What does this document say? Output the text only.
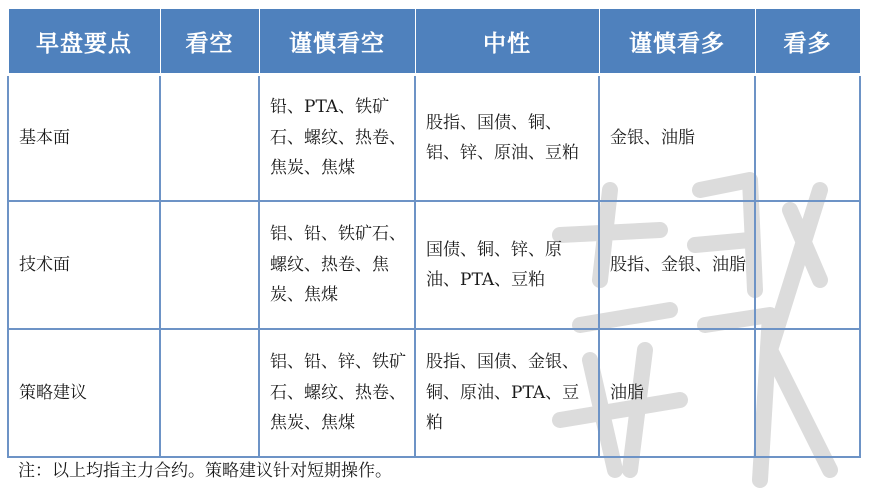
早盘要点	看空	谨慎看空	中性	谨慎看多	看多
基本面		铅、PTA、铁矿石、螺纹、热卷、焦炭、焦煤	股指、国债、铜、铝、锌、原油、豆粕	金银、油脂	
技术面		铝、铅、铁矿石、螺纹、热卷、焦炭、焦煤	国债、铜、锌、原油、PTA、豆粕	股指、金银、油脂	
策略建议		铝、铅、锌、铁矿石、螺纹、热卷、焦炭、焦煤	股指、国债、金银、铜、原油、PTA、豆粕	油脂	
注：以上均指主力合约。策略建议针对短期操作。
